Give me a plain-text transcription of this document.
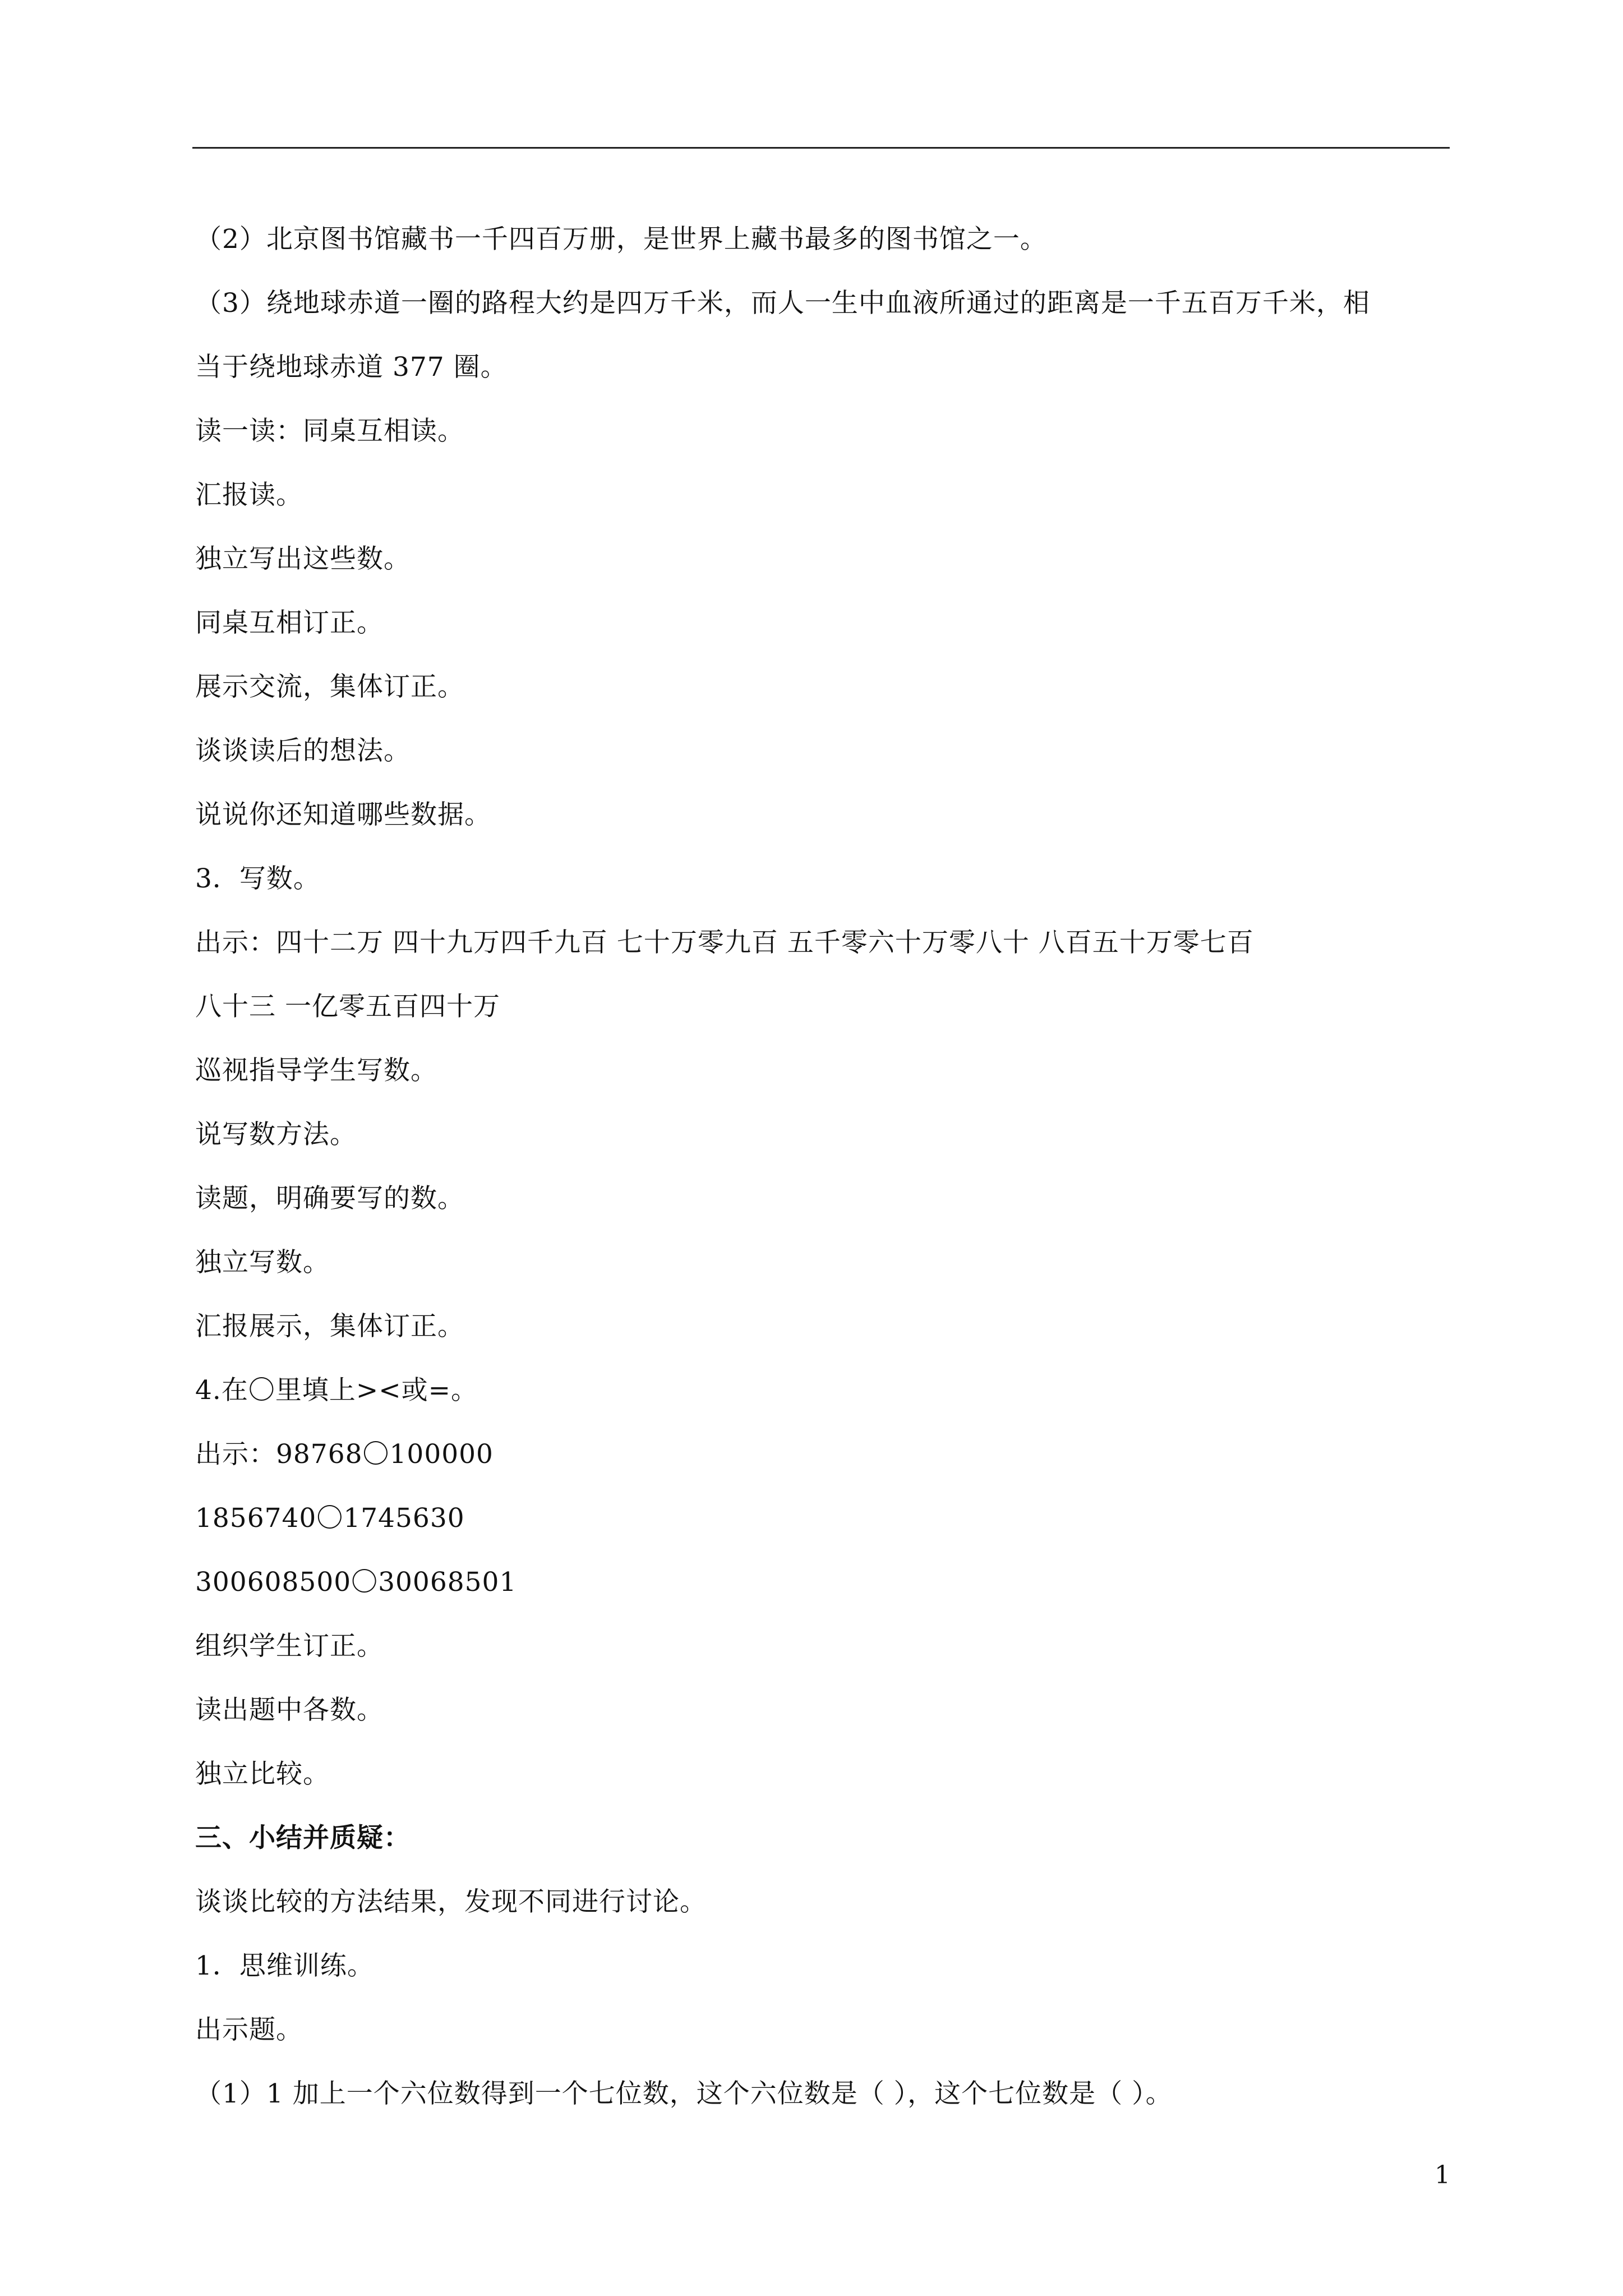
（2）北京图书馆藏书一千四百万册，是世界上藏书最多的图书馆之一。
（3）绕地球赤道一圈的路程大约是四万千米，而人一生中血液所通过的距离是一千五百万千米，相
当于绕地球赤道 377 圈。
读一读：同桌互相读。
汇报读。
独立写出这些数。
同桌互相订正。
展示交流，集体订正。
谈谈读后的想法。
说说你还知道哪些数据。
3．写数。
出示：四十二万 四十九万四千九百 七十万零九百 五千零六十万零八十 八百五十万零七百
八十三 一亿零五百四十万
巡视指导学生写数。
说写数方法。
读题，明确要写的数。
独立写数。
汇报展示，集体订正。
4.在〇里填上><或=。
出示：98768〇100000
1856740〇1745630
300608500〇30068501
组织学生订正。
读出题中各数。
独立比较。
三、小结并质疑：
谈谈比较的方法结果，发现不同进行讨论。
1．思维训练。
出示题。
（1）1 加上一个六位数得到一个七位数，这个六位数是（ ），这个七位数是（ ）。
1
